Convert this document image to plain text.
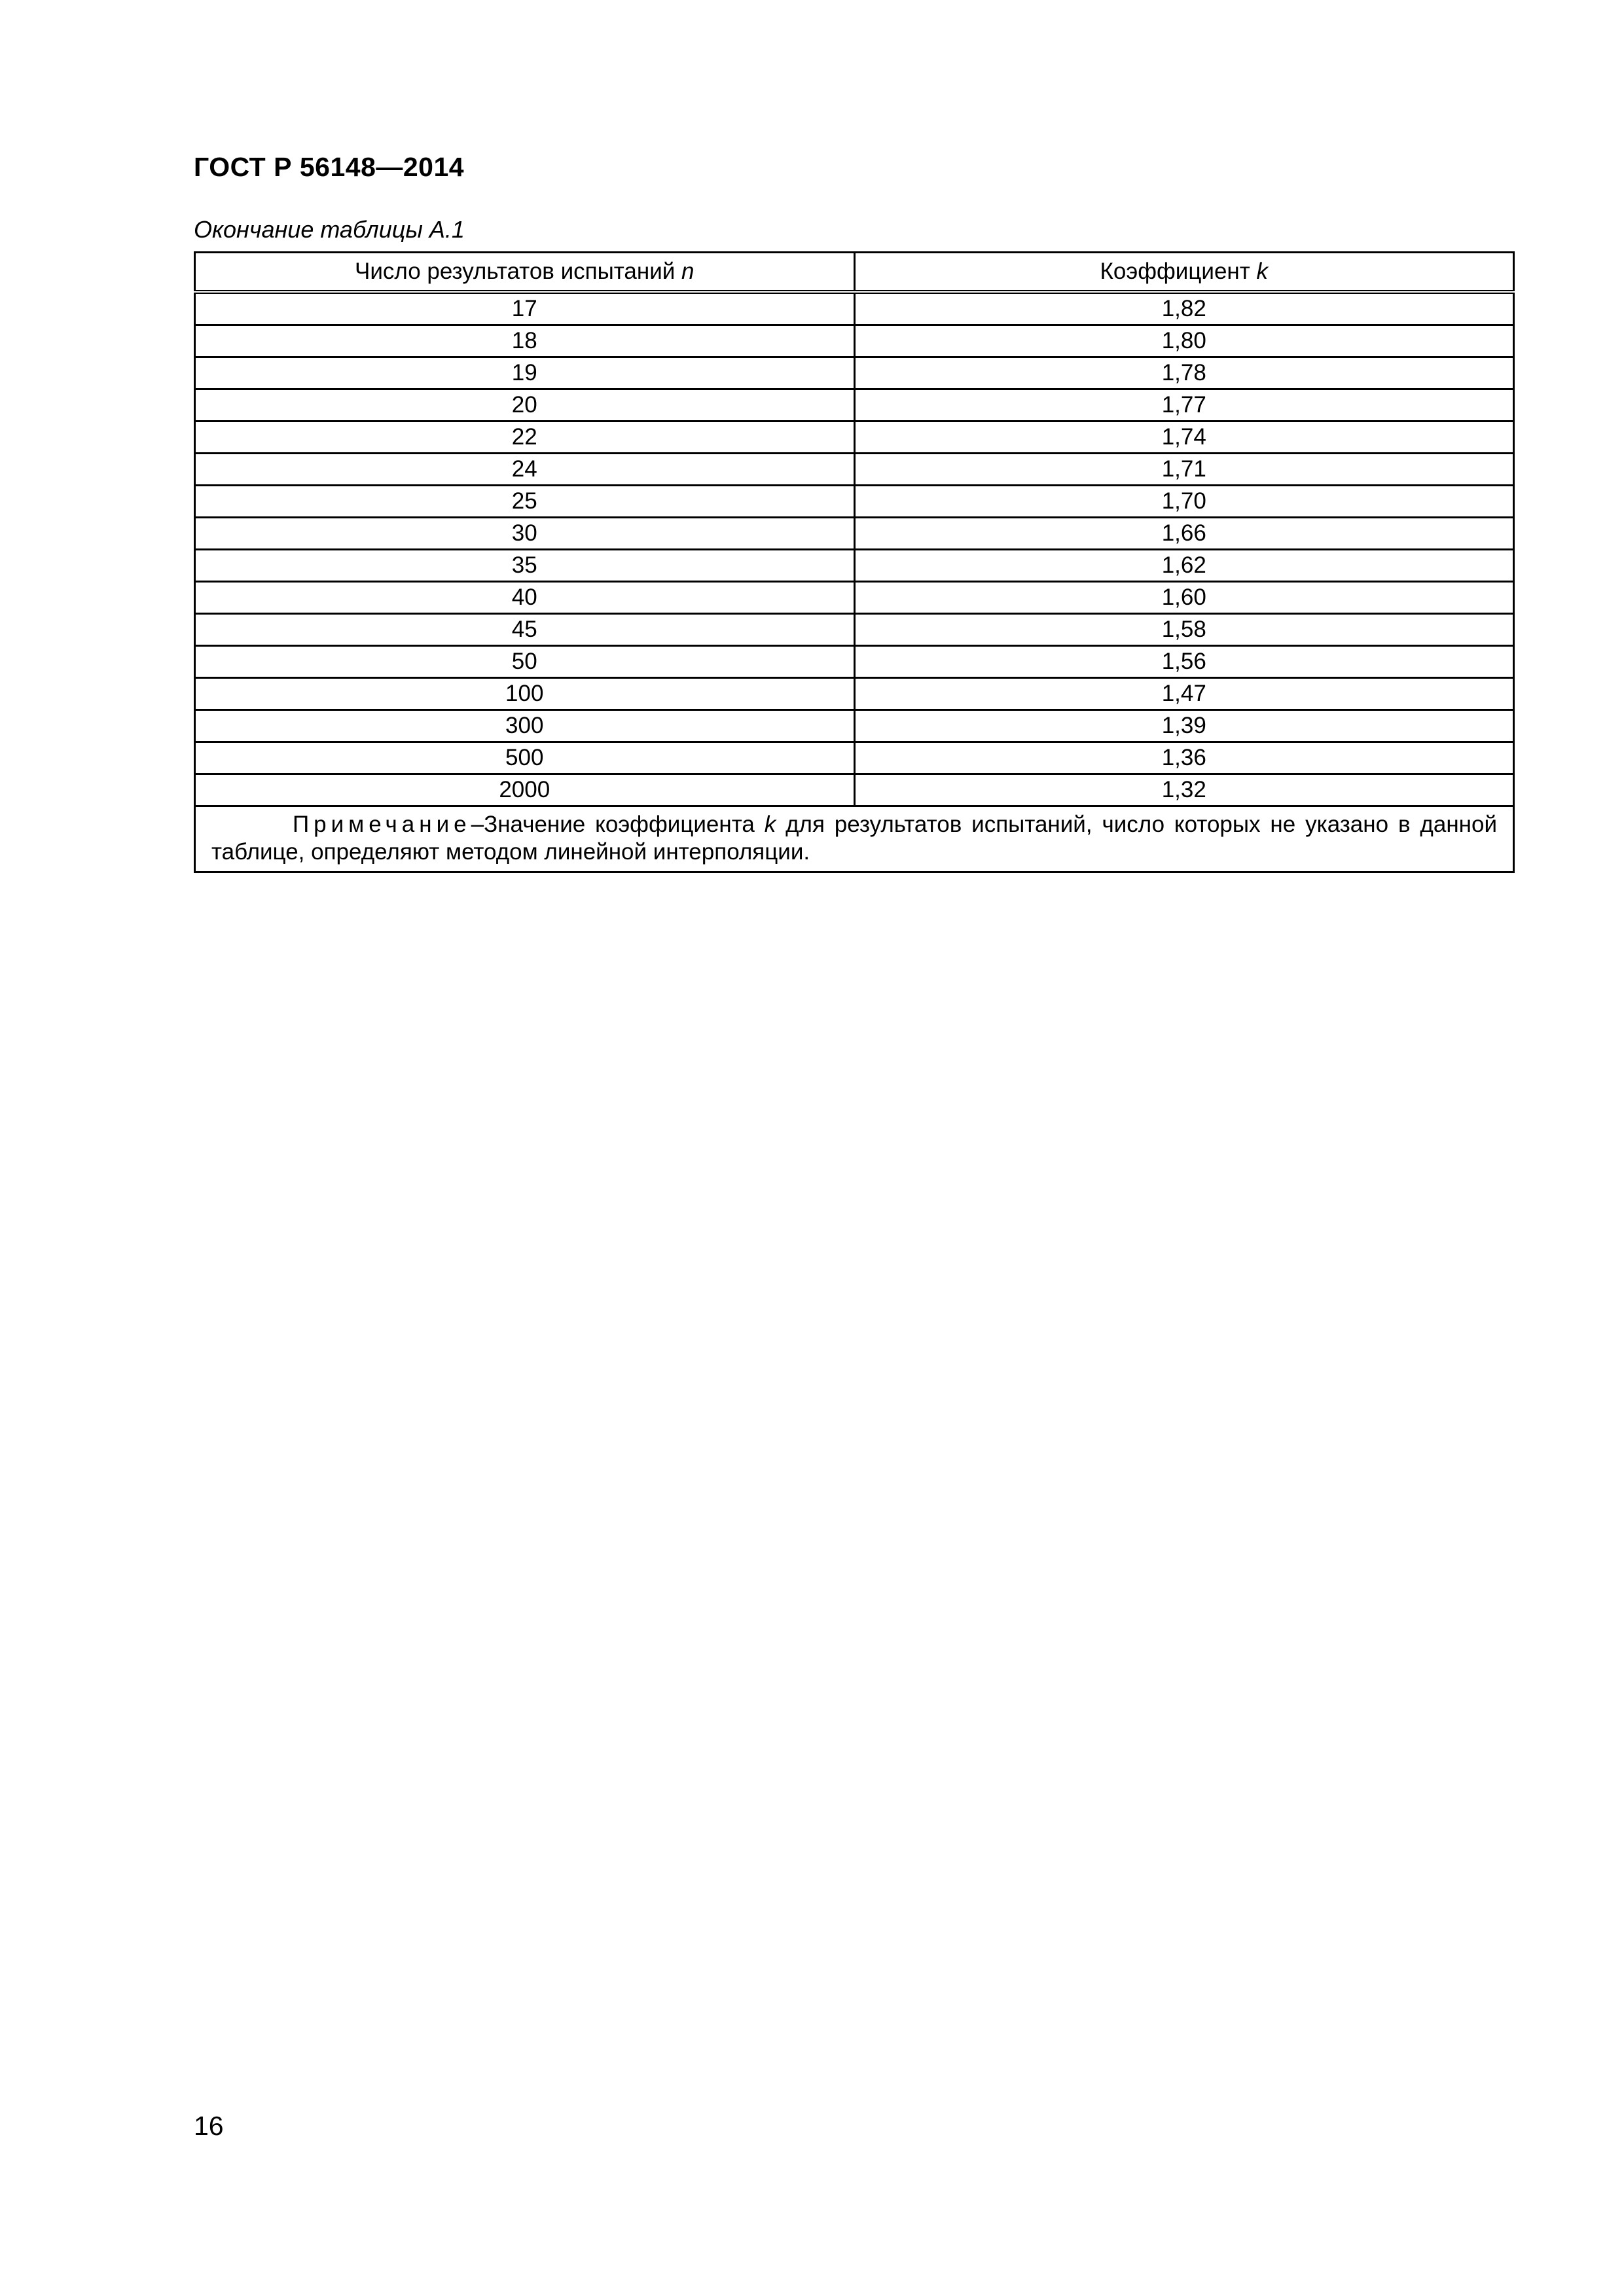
ГОСТ Р 56148—2014

Окончание таблицы А.1

Число результатов испытаний n	Коэффициент k
17	1,82
18	1,80
19	1,78
20	1,77
22	1,74
24	1,71
25	1,70
30	1,66
35	1,62
40	1,60
45	1,58
50	1,56
100	1,47
300	1,39
500	1,36
2000	1,32
Примечание–Значение коэффициента k для результатов испытаний, число которых не указано в данной таблице, определяют методом линейной интерполяции.	

16
